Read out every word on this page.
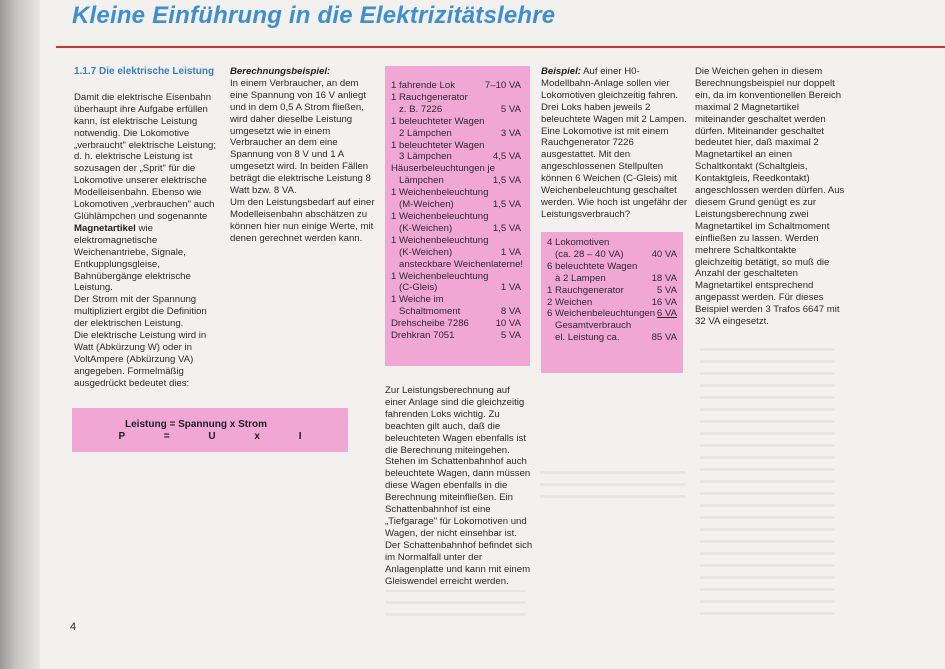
Kleine Einführung in die Elektrizitätslehre

1.1.7 Die elektrische Leistung

Damit die elektrische Eisenbahn überhaupt ihre Aufgabe erfüllen kann, ist elektrische Leistung notwendig. Die Lokomotive „verbraucht" elektrische Leistung; d. h. elektrische Leistung ist sozusagen der „Sprit" für die Lokomotive unserer elektrische Modelleisenbahn. Ebenso wie Lokomotiven „verbrauchen" auch Glühlämpchen und sogenannte Magnetartikel wie elektromagnetische Weichenantriebe, Signale, Entkupplungsgleise, Bahnübergänge elektrische Leistung.

Der Strom mit der Spannung multipliziert ergibt die Definition der elektrischen Leistung.

Die elektrische Leistung wird in Watt (Abkürzung W) oder in VoltAmpere (Abkürzung VA) angegeben. Formelmäßig ausgedrückt bedeutet dies:

Leistung = Spannung x Strom
P = U x I

Berechnungsbeispiel:

In einem Verbraucher, an dem eine Spannung von 16 V anliegt und in dem 0,5 A Strom fließen, wird daher dieselbe Leistung umgesetzt wie in einem Verbraucher an dem eine Spannung von 8 V und 1 A umgesetzt wird. In beiden Fällen beträgt die elektrische Leistung 8 Watt bzw. 8 VA.

Um den Leistungsbedarf auf einer Modelleisenbahn abschätzen zu können hier nun einige Werte, mit denen gerechnet werden kann.

1 fahrende Lok	7–10 VA
1 Rauchgenerator
z. B. 7226	5 VA
1 beleuchteter Wagen
2 Lämpchen	3 VA
1 beleuchteter Wagen
3 Lämpchen	4,5 VA
Häuserbeleuchtungen je
Lämpchen	1,5 VA
1 Weichenbeleuchtung
(M-Weichen)	1,5 VA
1 Weichenbeleuchtung
(K-Weichen)	1,5 VA
1 Weichenbeleuchtung
(K-Weichen)	1 VA
ansteckbare Weichenlaterne!
1 Weichenbeleuchtung
(C-Gleis)	1 VA
1 Weiche im
Schaltmoment	8 VA
Drehscheibe 7286	10 VA
Drehkran 7051	5 VA

Zur Leistungsberechnung auf einer Anlage sind die gleichzeitig fahrenden Loks wichtig. Zu beachten gilt auch, daß die beleuchteten Wagen ebenfalls ist die Berechnung miteingehen. Stehen im Schattenbahnhof auch beleuchtete Wagen, dann müssen diese Wagen ebenfalls in die Berechnung miteinfließen. Ein Schattenbahnhof ist eine „Tiefgarage" für Lokomotiven und Wagen, der nicht einsehbar ist. Der Schattenbahnhof befindet sich im Normalfall unter der Anlagenplatte und kann mit einem Gleiswendel erreicht werden.

Beispiel: Auf einer H0-Modellbahn-Anlage sollen vier Lokomotiven gleichzeitig fahren. Drei Loks haben jeweils 2 beleuchtete Wagen mit 2 Lampen. Eine Lokomotive ist mit einem Rauchgenerator 7226 ausgestattet. Mit den angeschlossenen Stellpulten können 6 Weichen (C-Gleis) mit Weichenbeleuchtung geschaltet werden. Wie hoch ist ungefähr der Leistungsverbrauch?

4 Lokomotiven
(ca. 28 – 40 VA)	40 VA
6 beleuchtete Wagen
à 2 Lampen	18 VA
1 Rauchgenerator	5 VA
2 Weichen	16 VA
6 Weichenbeleuchtungen 6 VA
Gesamtverbrauch
el. Leistung ca.	85 VA

Die Weichen gehen in diesem Berechnungsbeispiel nur doppelt ein, da im konventionellen Bereich maximal 2 Magnetartikel miteinander geschaltet werden dürfen. Miteinander geschaltet bedeutet hier, daß maximal 2 Magnetartikel an einen Schaltkontakt (Schaltgleis, Kontaktgleis, Reedkontakt) angeschlossen werden dürfen. Aus diesem Grund genügt es zur Leistungsberechnung zwei Magnetartikel im Schaltmoment einfließen zu lassen. Werden mehrere Schaltkontakte gleichzeitig betätigt, so muß die Anzahl der geschalteten Magnetartikel entsprechend angepasst werden. Für dieses Beispiel werden 3 Trafos 6647 mit 32 VA eingesetzt.

4
